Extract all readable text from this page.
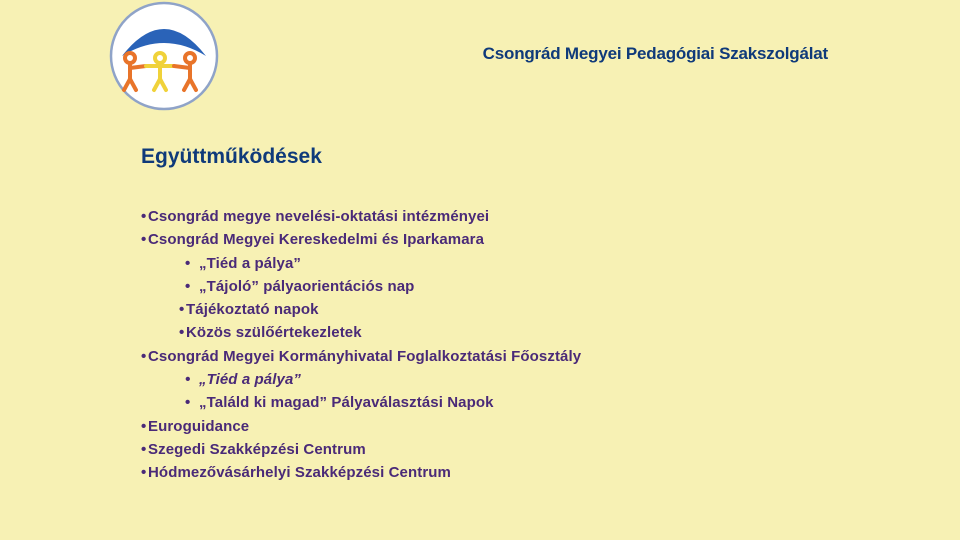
Csongrád Megyei Pedagógiai Szakszolgálat
Együttműködések
• Csongrád megye nevelési-oktatási intézményei
• Csongrád Megyei Kereskedelmi és Iparkamara
• „Tiéd a pálya”
• „Tájoló” pályaorientációs nap
• Tájékoztató napok
• Közös szülőértekezletek
• Csongrád Megyei Kormányhivatal Foglalkoztatási Főosztály
• „Tiéd a pálya”
• „Találd ki magad” Pályaválasztási Napok
• Euroguidance
• Szegedi Szakképzési Centrum
• Hódmezővásárhelyi Szakképzési Centrum
